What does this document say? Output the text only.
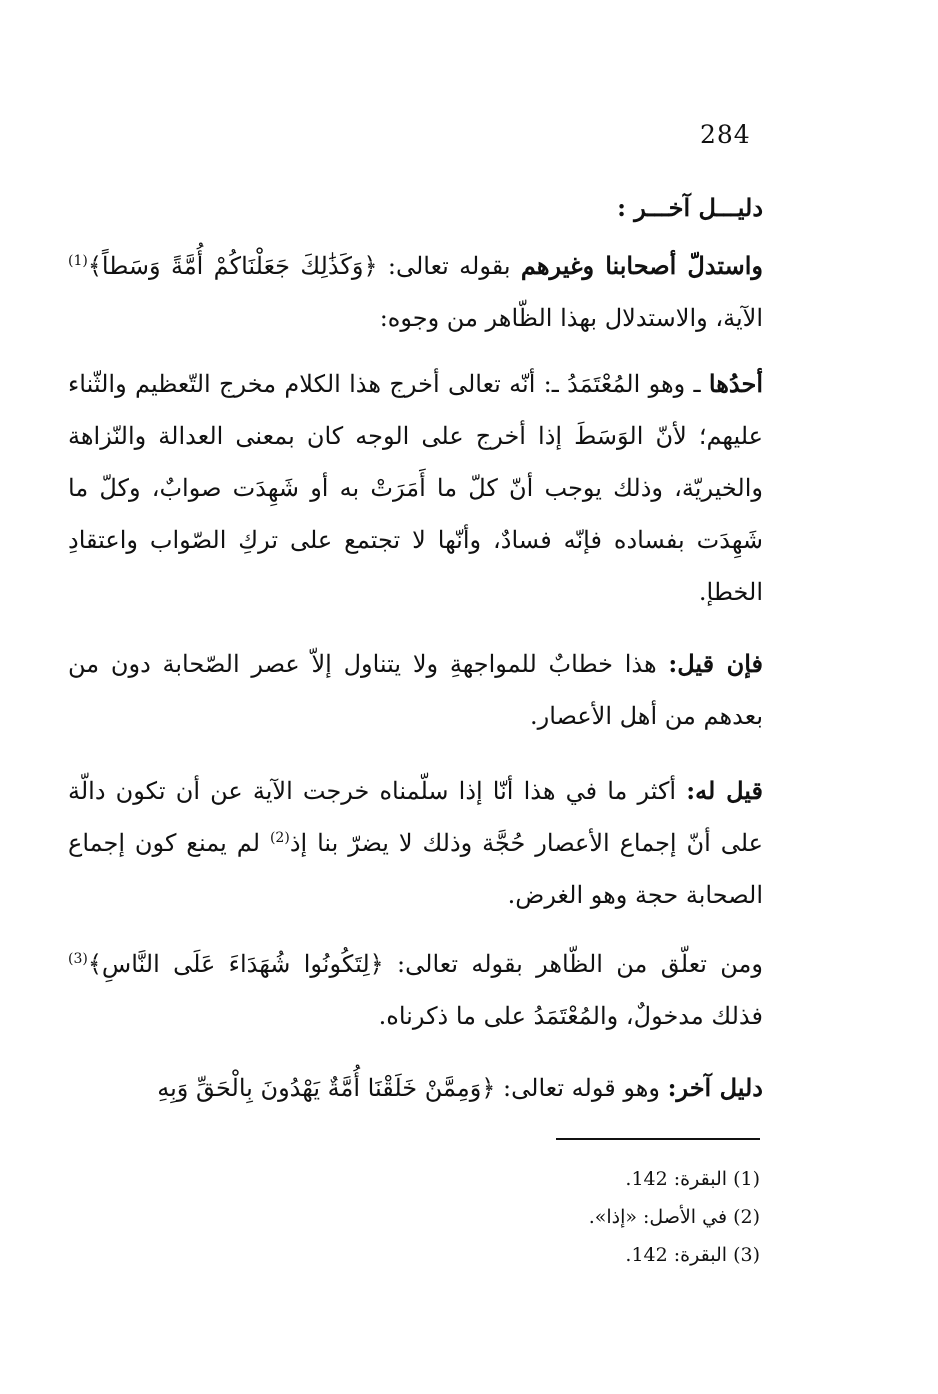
284
دليـــل آخـــر :
واستدلّ أصحابنا وغيرهم بقوله تعالى: ﴿وَكَذَٰلِكَ جَعَلْنَاكُمْ أُمَّةً وَسَطاً﴾$^{(1)}$ الآية، والاستدلال بهذا الظّاهر من وجوه:
أحدُها ـ وهو المُعْتَمَدُ ـ: أنّه تعالى أخرج هذا الكلام مخرج التّعظيم والثّناء عليهم؛ لأنّ الوَسَطَ إذا أخرج على الوجه كان بمعنى العدالة والنّزاهة والخيريّة، وذلك يوجب أنّ كلّ ما أَمَرَتْ به أو شَهِدَت صوابٌ، وكلّ ما شَهِدَت بفساده فإنّه فسادٌ، وأنّها لا تجتمع على تركِ الصّواب واعتقادِ الخطإ.
فإن قيل: هذا خطابٌ للمواجهةِ ولا يتناول إلاّ عصر الصّحابة دون من بعدهم من أهل الأعصار.
قيل له: أكثر ما في هذا أنّا إذا سلّمناه خرجت الآية عن أن تكون دالّة على أنّ إجماع الأعصار حُجَّة وذلك لا يضرّ بنا إذ$^{(2)}$ لم يمنع كون إجماع الصحابة حجة وهو الغرض.
ومن تعلّق من الظّاهر بقوله تعالى: ﴿لِتَكُونُوا شُهَدَاءَ عَلَى النَّاسِ﴾$^{(3)}$ فذلك مدخولٌ، والمُعْتَمَدُ على ما ذكرناه.
دليل آخر: وهو قوله تعالى: ﴿وَمِمَّنْ خَلَقْنَا أُمَّةٌ يَهْدُونَ بِالْحَقِّ وَبِهِ
(1) البقرة: 142.
(2) في الأصل: «إذا».
(3) البقرة: 142.
